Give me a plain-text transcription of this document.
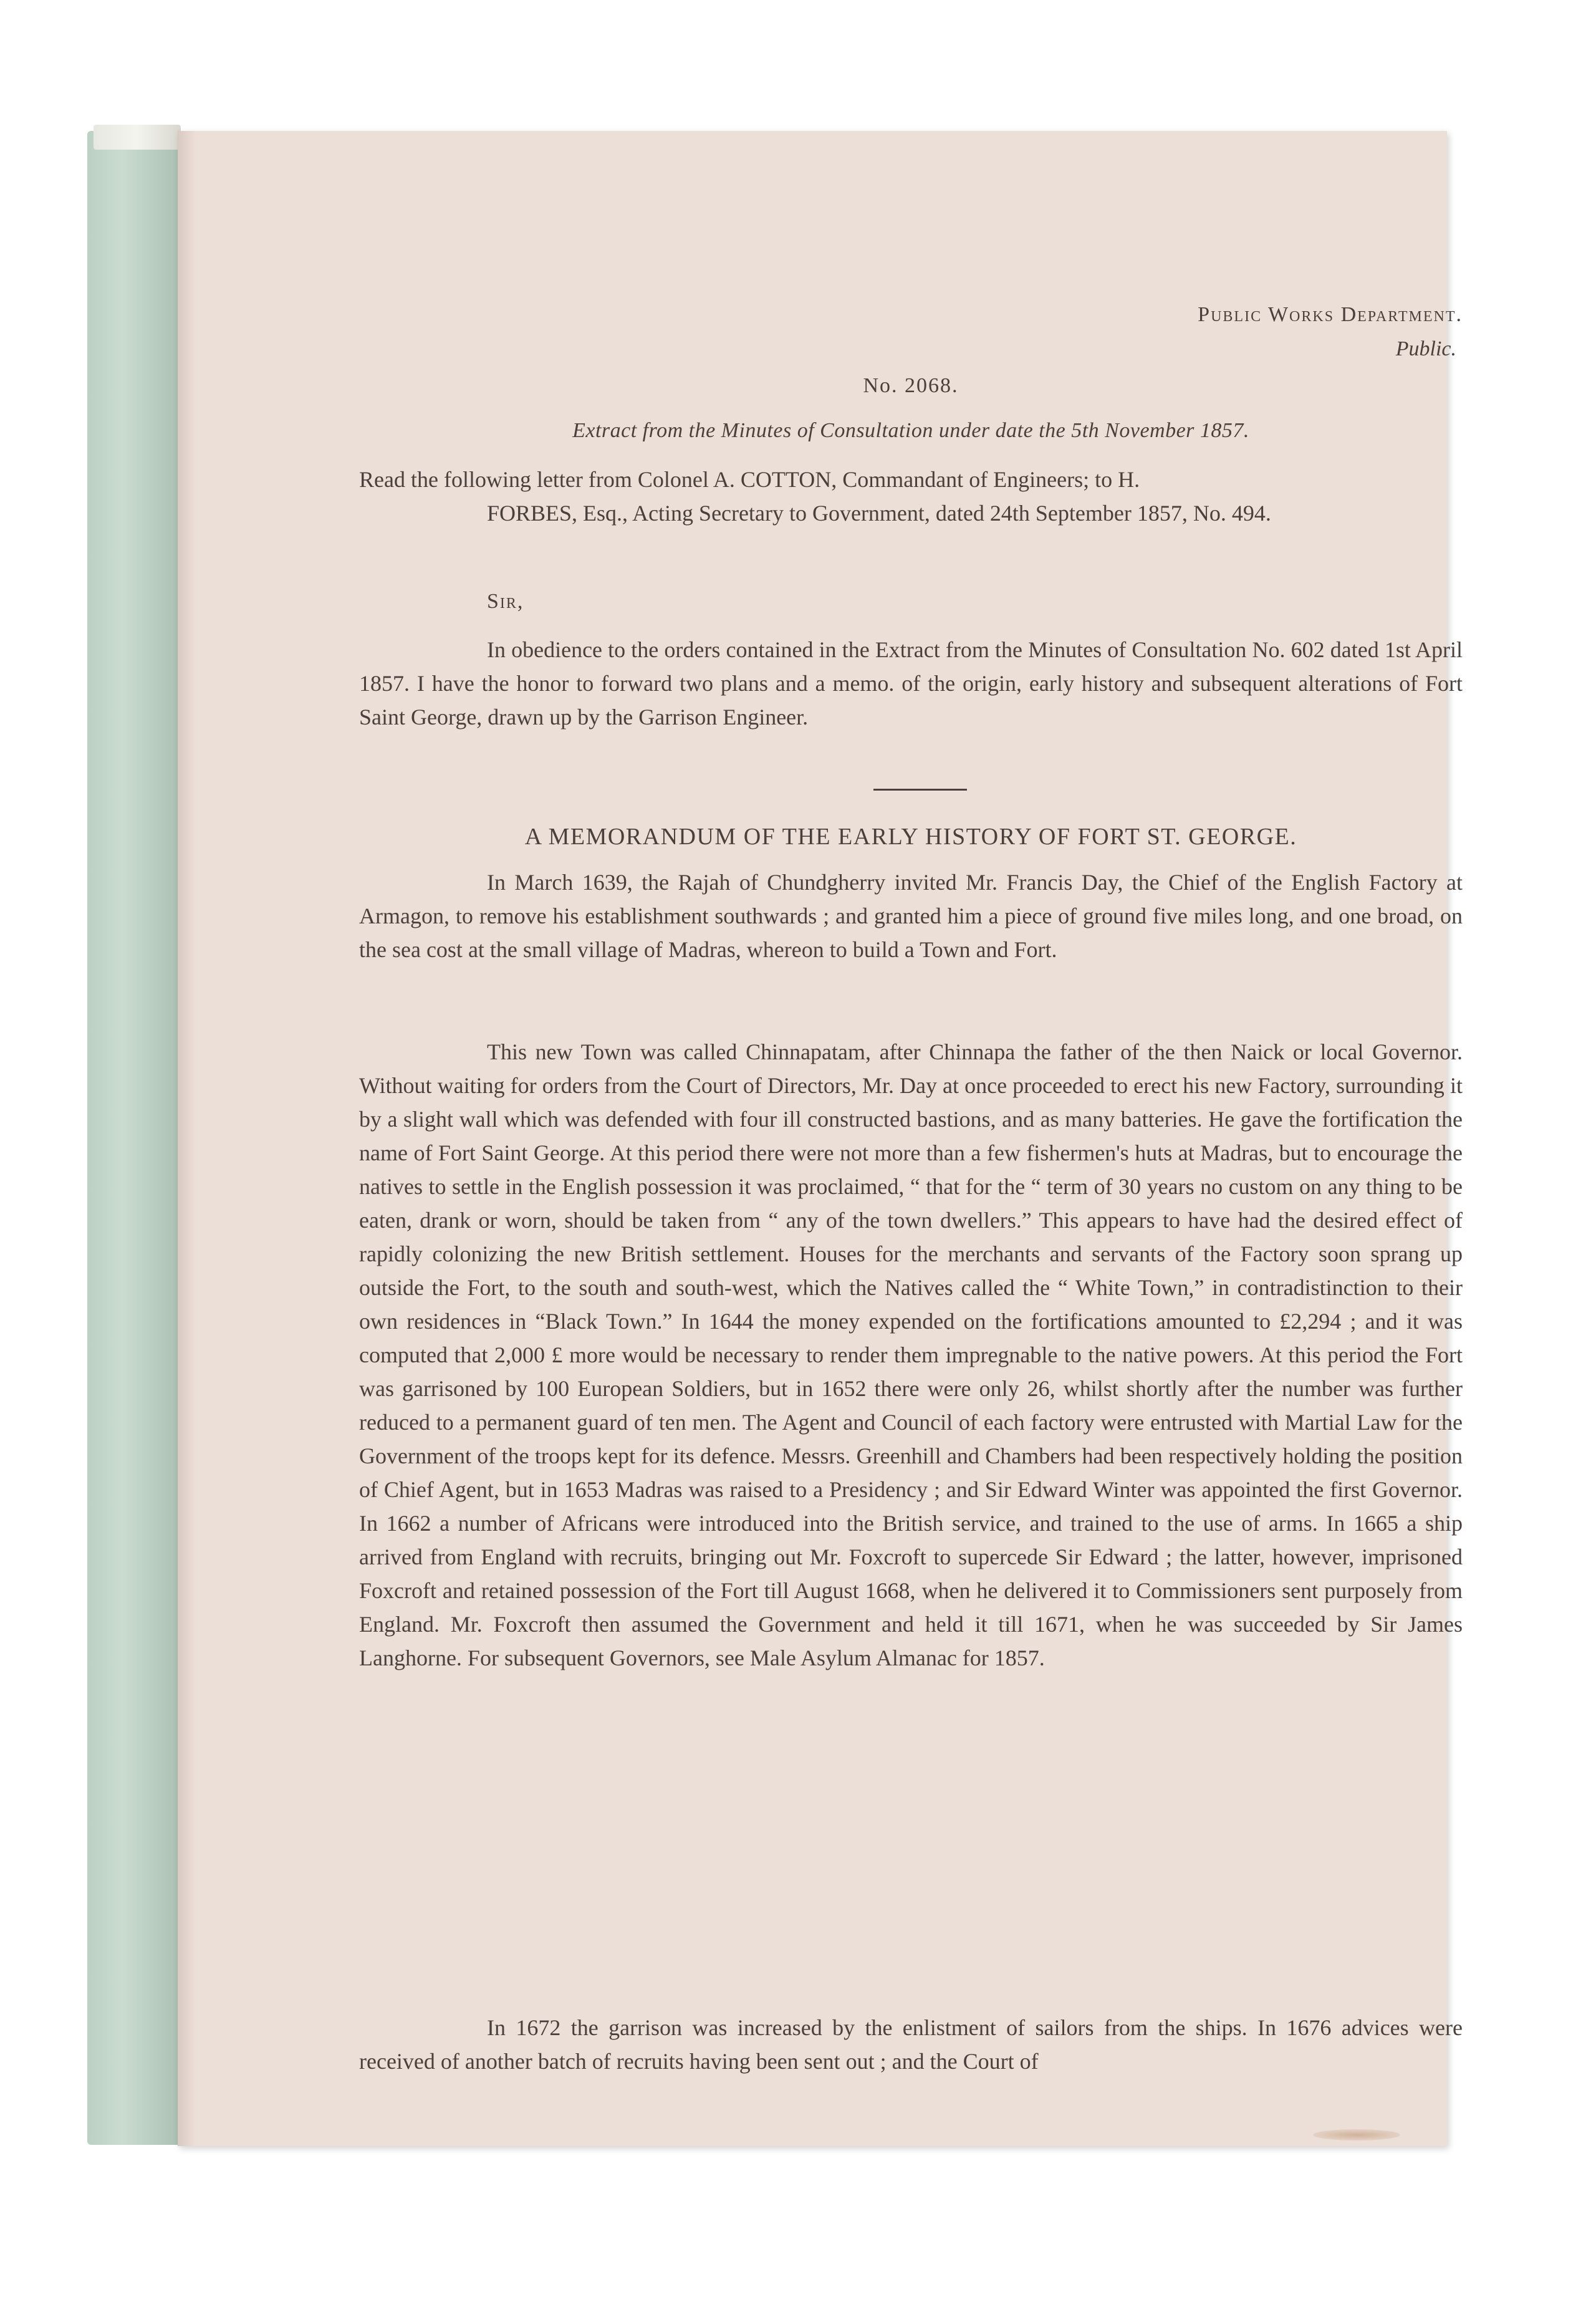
Public Works Department.
Public.
No. 2068.
Extract from the Minutes of Consultation under date the 5th November 1857.
Read the following letter from Colonel A. COTTON, Commandant of Engineers; to H.
FORBES, Esq., Acting Secretary to Government, dated 24th September 1857, No. 494.
Sir,

In obedience to the orders contained in the Extract from the Minutes of Consultation No. 602 dated 1st April 1857. I have the honor to forward two plans and a memo. of the origin, early history and subsequent alterations of Fort Saint George, drawn up by the Garrison Engineer.

A MEMORANDUM OF THE EARLY HISTORY OF FORT ST. GEORGE.

In March 1639, the Rajah of Chundgherry invited Mr. Francis Day, the Chief of the English Factory at Armagon, to remove his establishment southwards ; and granted him a piece of ground five miles long, and one broad, on the sea cost at the small village of Madras, whereon to build a Town and Fort.

This new Town was called Chinnapatam, after Chinnapa the father of the then Naick or local Governor. Without waiting for orders from the Court of Directors, Mr. Day at once proceeded to erect his new Factory, surrounding it by a slight wall which was defended with four ill constructed bastions, and as many batteries. He gave the fortification the name of Fort Saint George. At this period there were not more than a few fishermen's huts at Madras, but to encourage the natives to settle in the English possession it was proclaimed, “ that for the “ term of 30 years no custom on any thing to be eaten, drank or worn, should be taken from “ any of the town dwellers.” This appears to have had the desired effect of rapidly colonizing the new British settlement. Houses for the merchants and servants of the Factory soon sprang up outside the Fort, to the south and south-west, which the Natives called the “ White Town,” in contradistinction to their own residences in “Black Town.” In 1644 the money expended on the fortifications amounted to £2,294 ; and it was computed that 2,000 £ more would be necessary to render them impregnable to the native powers. At this period the Fort was garrisoned by 100 European Soldiers, but in 1652 there were only 26, whilst shortly after the number was further reduced to a permanent guard of ten men. The Agent and Council of each factory were entrusted with Martial Law for the Government of the troops kept for its defence. Messrs. Greenhill and Chambers had been respectively holding the position of Chief Agent, but in 1653 Madras was raised to a Presidency ; and Sir Edward Winter was appointed the first Governor. In 1662 a number of Africans were introduced into the British service, and trained to the use of arms. In 1665 a ship arrived from England with recruits, bringing out Mr. Foxcroft to supercede Sir Edward ; the latter, however, imprisoned Foxcroft and retained possession of the Fort till August 1668, when he delivered it to Commissioners sent purposely from England. Mr. Foxcroft then assumed the Government and held it till 1671, when he was succeeded by Sir James Langhorne. For subsequent Governors, see Male Asylum Almanac for 1857.

In 1672 the garrison was increased by the enlistment of sailors from the ships. In 1676 advices were received of another batch of recruits having been sent out ; and the Court of
